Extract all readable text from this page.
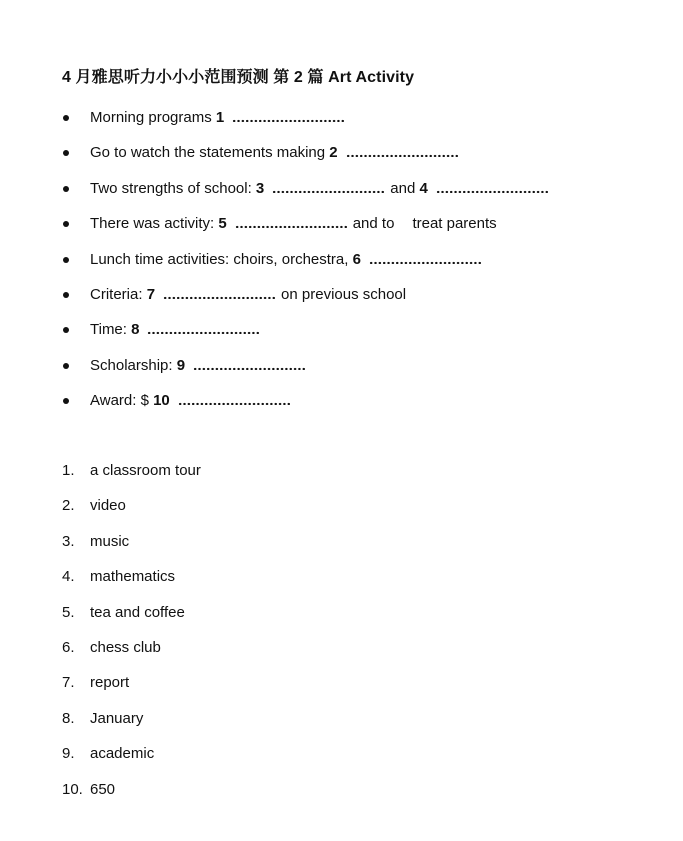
4 月雅思听力小小小范围预测 第 2 篇 Art Activity
Morning programs 1
Go to watch the statements making 2
Two strengths of school: 3	and 4
There was activity: 5	and to treat parents
Lunch time activities: choirs, orchestra, 6
Criteria: 7	on previous school
Time: 8
Scholarship: 9
Award: $ 10
1. a classroom tour
2. video
3. music
4. mathematics
5. tea and coffee
6. chess club
7. report
8. January
9. academic
10. 650
